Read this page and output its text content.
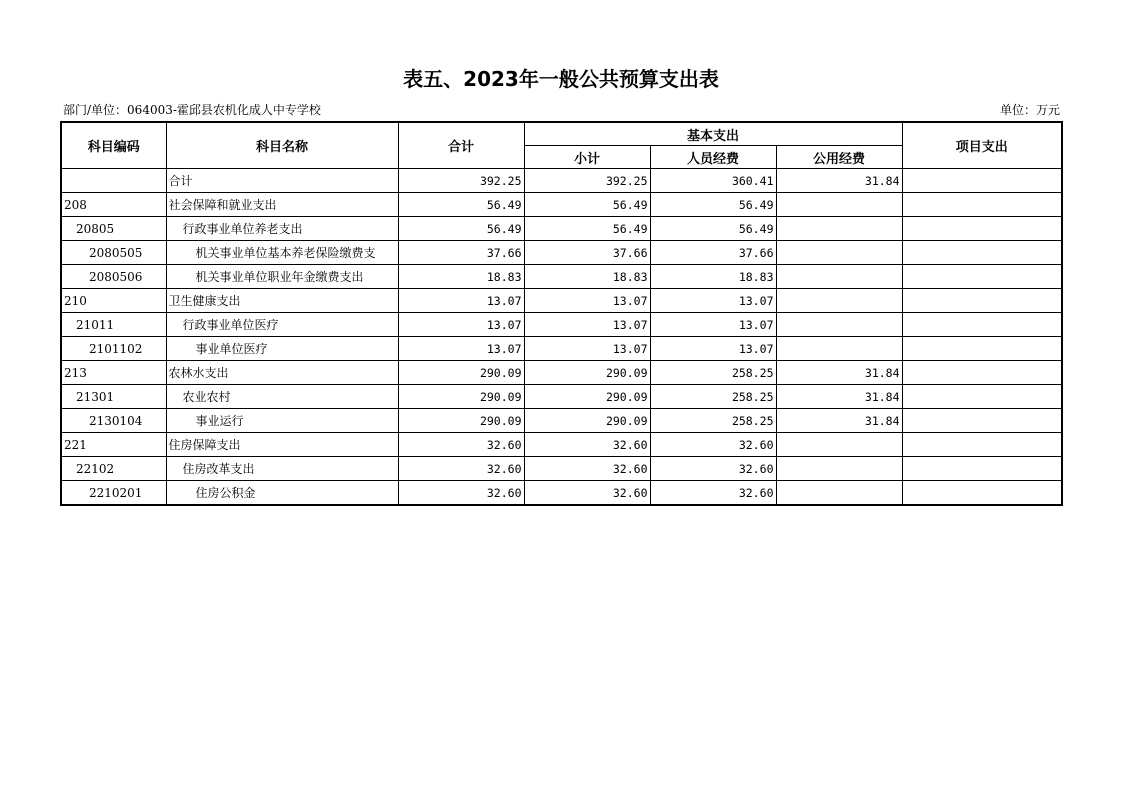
表五、2023年一般公共预算支出表
部门/单位：064003-霍邱县农机化成人中专学校	单位：万元
科目编码	科目名称	合计	基本支出			项目支出
			小计	人员经费	公用经费	
	合计	392.25	392.25	360.41	31.84	
208	社会保障和就业支出	56.49	56.49	56.49		
20805	行政事业单位养老支出	56.49	56.49	56.49		
2080505	机关事业单位基本养老保险缴费支	37.66	37.66	37.66		
2080506	机关事业单位职业年金缴费支出	18.83	18.83	18.83		
210	卫生健康支出	13.07	13.07	13.07		
21011	行政事业单位医疗	13.07	13.07	13.07		
2101102	事业单位医疗	13.07	13.07	13.07		
213	农林水支出	290.09	290.09	258.25	31.84	
21301	农业农村	290.09	290.09	258.25	31.84	
2130104	事业运行	290.09	290.09	258.25	31.84	
221	住房保障支出	32.60	32.60	32.60		
22102	住房改革支出	32.60	32.60	32.60		
2210201	住房公积金	32.60	32.60	32.60		
